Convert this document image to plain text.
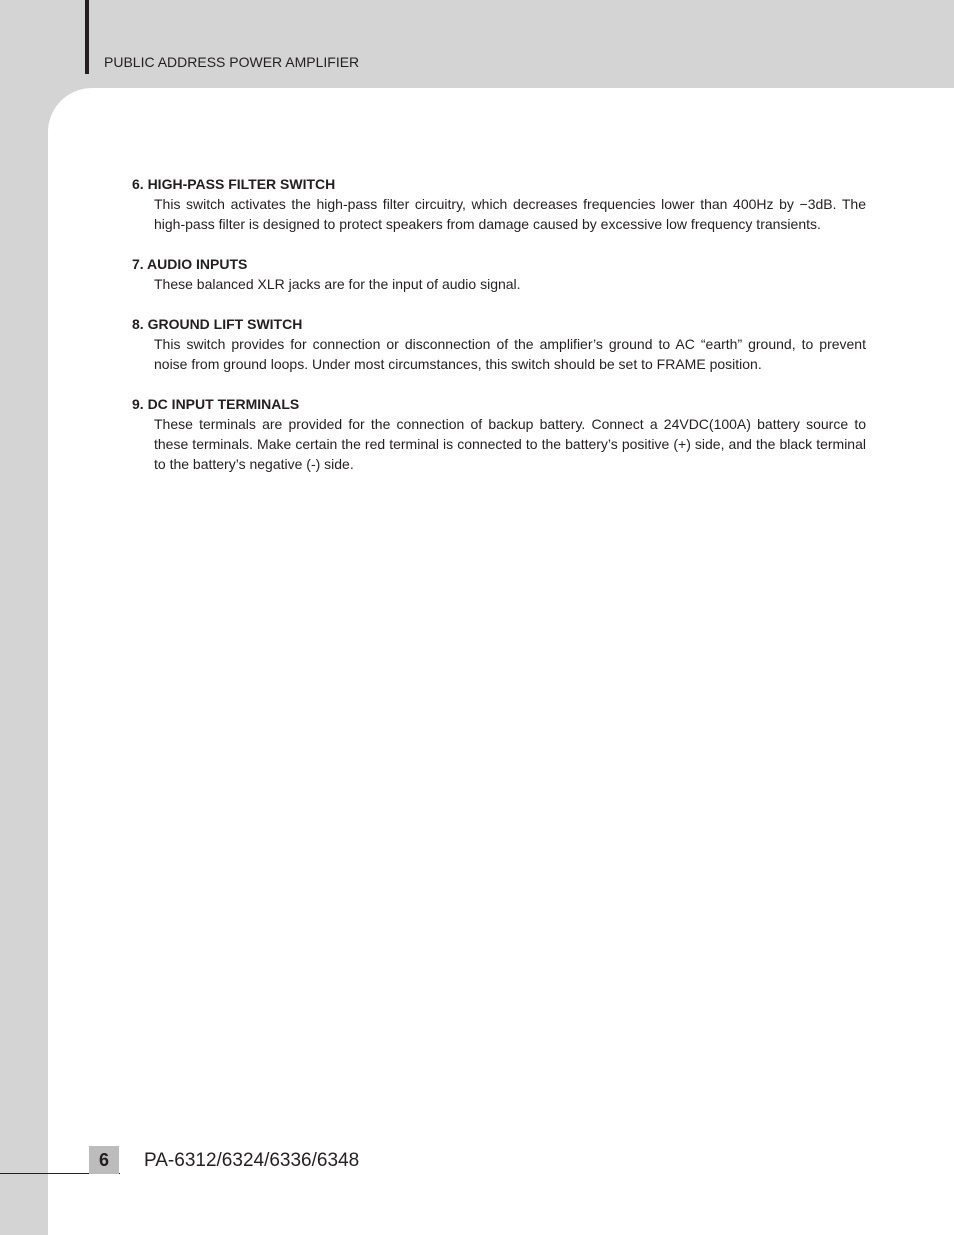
PUBLIC ADDRESS POWER AMPLIFIER

6. HIGH-PASS FILTER SWITCH

This switch activates the high-pass filter circuitry, which decreases frequencies lower than 400Hz by −3dB. The high-pass filter is designed to protect speakers from damage caused by excessive low frequency transients.

7. AUDIO INPUTS

These balanced XLR jacks are for the input of audio signal.

8. GROUND LIFT SWITCH

This switch provides for connection or disconnection of the amplifier’s ground to AC “earth” ground, to prevent noise from ground loops. Under most circumstances, this switch should be set to FRAME position.

9. DC INPUT TERMINALS

These terminals are provided for the connection of backup battery. Connect a 24VDC(100A) battery source to these terminals. Make certain the red terminal is connected to the battery’s positive (+) side, and the black terminal to the battery’s negative (-) side.

6	PA-6312/6324/6336/6348
